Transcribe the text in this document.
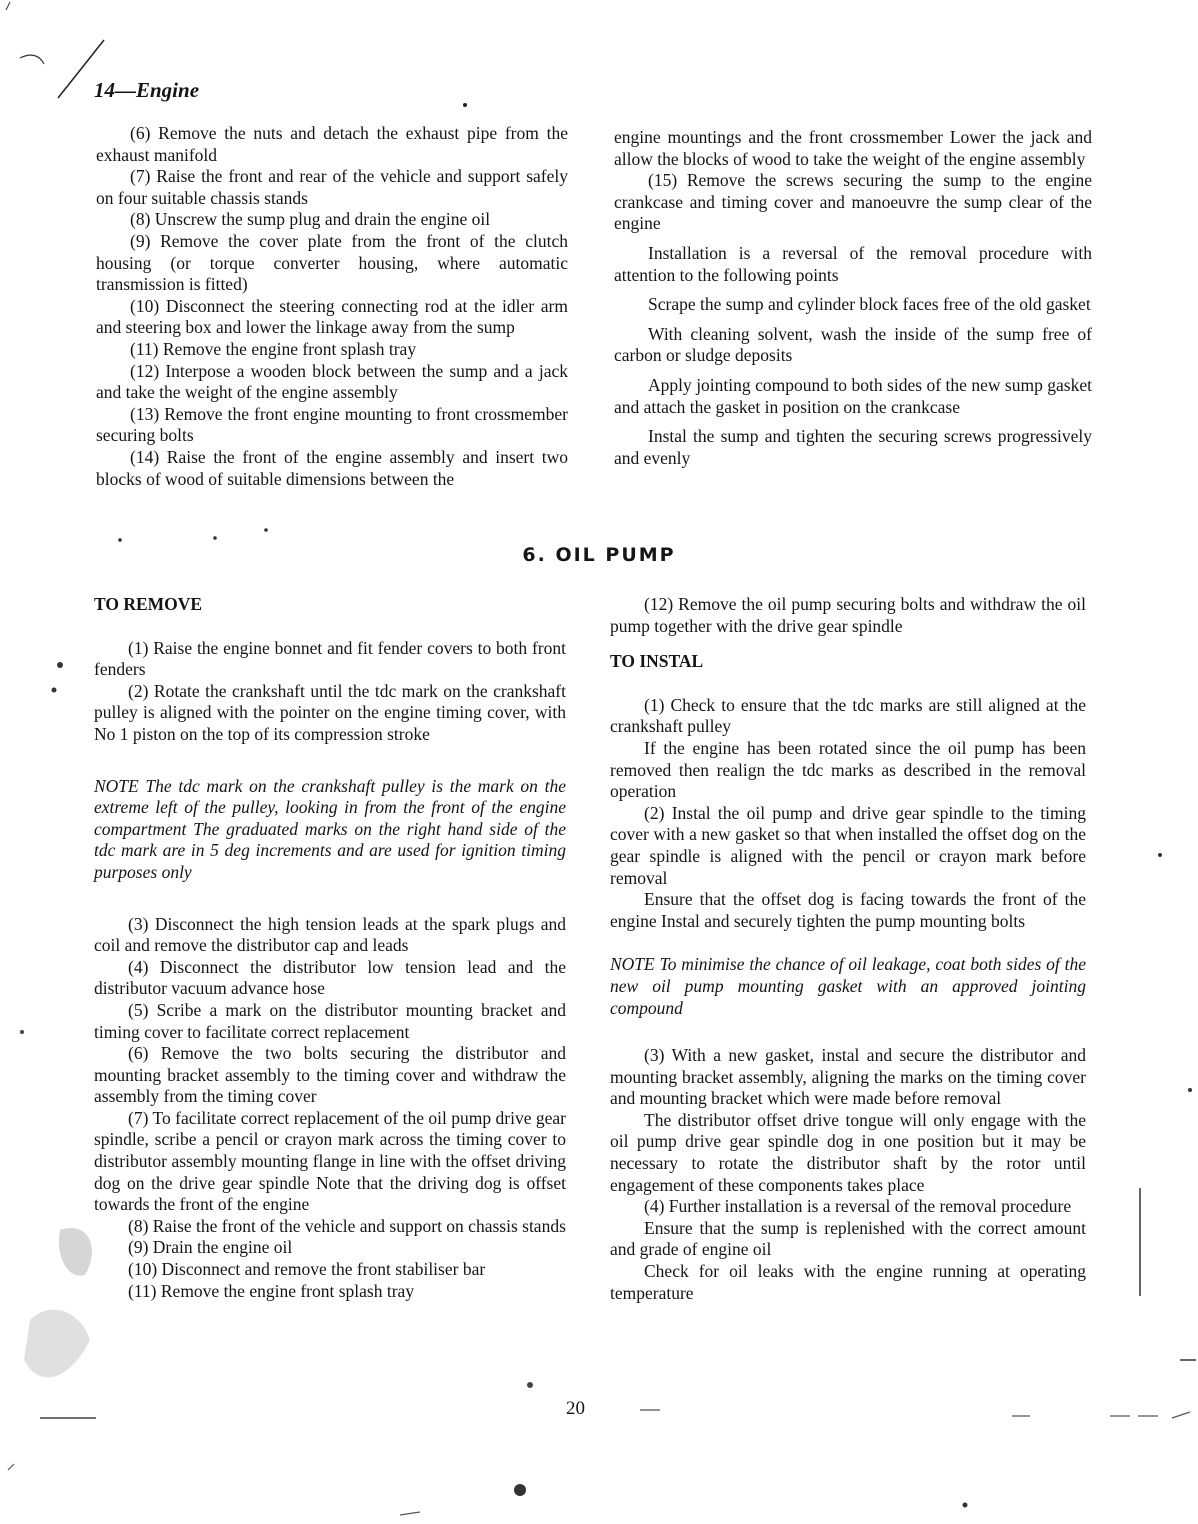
14—Engine

(6) Remove the nuts and detach the exhaust pipe from the exhaust manifold

(7) Raise the front and rear of the vehicle and support safely on four suitable chassis stands

(8) Unscrew the sump plug and drain the engine oil

(9) Remove the cover plate from the front of the clutch housing (or torque converter housing, where automatic transmission is fitted)

(10) Disconnect the steering connecting rod at the idler arm and steering box and lower the linkage away from the sump

(11) Remove the engine front splash tray

(12) Interpose a wooden block between the sump and a jack and take the weight of the engine assembly

(13) Remove the front engine mounting to front crossmember securing bolts

(14) Raise the front of the engine assembly and insert two blocks of wood of suitable dimensions between the

engine mountings and the front crossmember Lower the jack and allow the blocks of wood to take the weight of the engine assembly

(15) Remove the screws securing the sump to the engine crankcase and timing cover and manoeuvre the sump clear of the engine

Installation is a reversal of the removal procedure with attention to the following points

Scrape the sump and cylinder block faces free of the old gasket

With cleaning solvent, wash the inside of the sump free of carbon or sludge deposits

Apply jointing compound to both sides of the new sump gasket and attach the gasket in position on the crankcase

Instal the sump and tighten the securing screws progressively and evenly

6. OIL PUMP

TO REMOVE

(1) Raise the engine bonnet and fit fender covers to both front fenders

(2) Rotate the crankshaft until the tdc mark on the crankshaft pulley is aligned with the pointer on the engine timing cover, with No 1 piston on the top of its compression stroke

NOTE The tdc mark on the crankshaft pulley is the mark on the extreme left of the pulley, looking in from the front of the engine compartment The graduated marks on the right hand side of the tdc mark are in 5 deg increments and are used for ignition timing purposes only

(3) Disconnect the high tension leads at the spark plugs and coil and remove the distributor cap and leads

(4) Disconnect the distributor low tension lead and the distributor vacuum advance hose

(5) Scribe a mark on the distributor mounting bracket and timing cover to facilitate correct replacement

(6) Remove the two bolts securing the distributor and mounting bracket assembly to the timing cover and withdraw the assembly from the timing cover

(7) To facilitate correct replacement of the oil pump drive gear spindle, scribe a pencil or crayon mark across the timing cover to distributor assembly mounting flange in line with the offset driving dog on the drive gear spindle Note that the driving dog is offset towards the front of the engine

(8) Raise the front of the vehicle and support on chassis stands

(9) Drain the engine oil

(10) Disconnect and remove the front stabiliser bar

(11) Remove the engine front splash tray

(12) Remove the oil pump securing bolts and withdraw the oil pump together with the drive gear spindle

TO INSTAL

(1) Check to ensure that the tdc marks are still aligned at the crankshaft pulley

If the engine has been rotated since the oil pump has been removed then realign the tdc marks as described in the removal operation

(2) Instal the oil pump and drive gear spindle to the timing cover with a new gasket so that when installed the offset dog on the gear spindle is aligned with the pencil or crayon mark before removal

Ensure that the offset dog is facing towards the front of the engine Instal and securely tighten the pump mounting bolts

NOTE To minimise the chance of oil leakage, coat both sides of the new oil pump mounting gasket with an approved jointing compound

(3) With a new gasket, instal and secure the distributor and mounting bracket assembly, aligning the marks on the timing cover and mounting bracket which were made before removal

The distributor offset drive tongue will only engage with the oil pump drive gear spindle dog in one position but it may be necessary to rotate the distributor shaft by the rotor until engagement of these components takes place

(4) Further installation is a reversal of the removal procedure

Ensure that the sump is replenished with the correct amount and grade of engine oil

Check for oil leaks with the engine running at operating temperature

20
